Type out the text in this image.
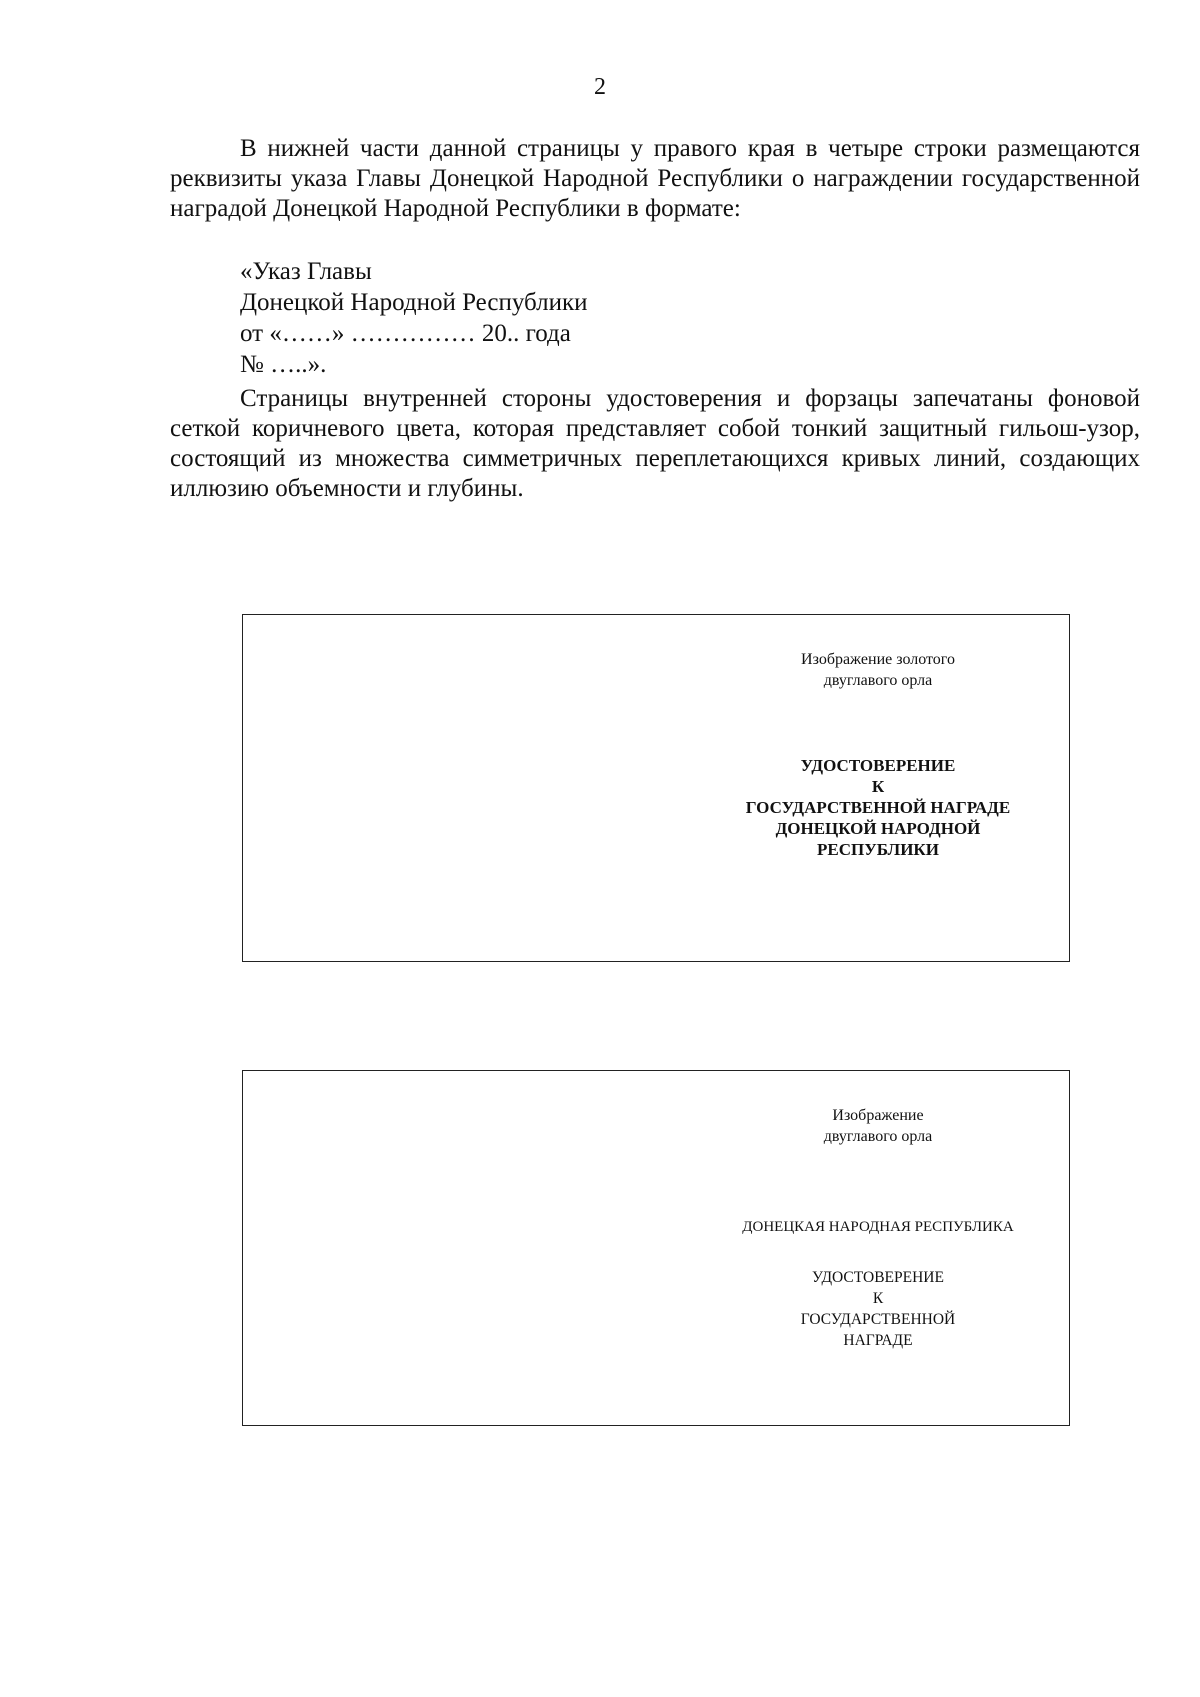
2

В нижней части данной страницы у правого края в четыре строки размещаются реквизиты указа Главы Донецкой Народной Республики о награждении государственной наградой Донецкой Народной Республики в формате:

«Указ Главы
Донецкой Народной Республики
от «……» …………… 20.. года
№ …..».

Страницы внутренней стороны удостоверения и форзацы запечатаны фоновой сеткой коричневого цвета, которая представляет собой тонкий защитный гильош-узор, состоящий из множества симметричных переплетающихся кривых линий, создающих иллюзию объемности и глубины.

Изображение золотого
двуглавого орла
УДОСТОВЕРЕНИЕ
К
ГОСУДАРСТВЕННОЙ НАГРАДЕ
ДОНЕЦКОЙ НАРОДНОЙ
РЕСПУБЛИКИ
Изображение
двуглавого орла
ДОНЕЦКАЯ НАРОДНАЯ РЕСПУБЛИКА
УДОСТОВЕРЕНИЕ
К
ГОСУДАРСТВЕННОЙ
НАГРАДЕ
